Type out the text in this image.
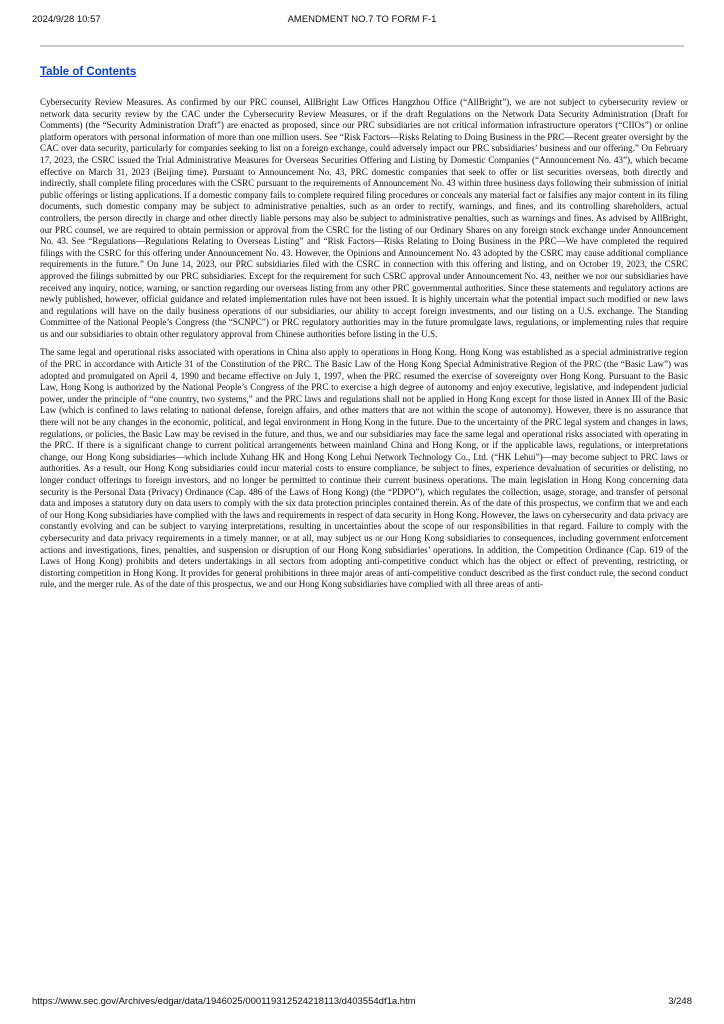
2024/9/28 10:57	AMENDMENT NO.7 TO FORM F-1
Table of Contents

Cybersecurity Review Measures. As confirmed by our PRC counsel, AllBright Law Offices Hangzhou Office (“AllBright”), we are not subject to cybersecurity review or network data security review by the CAC under the Cybersecurity Review Measures, or if the draft Regulations on the Network Data Security Administration (Draft for Comments) (the “Security Administration Draft”) are enacted as proposed, since our PRC subsidiaries are not critical information infrastructure operators (“CIIOs”) or online platform operators with personal information of more than one million users. See “Risk Factors—Risks Relating to Doing Business in the PRC—Recent greater oversight by the CAC over data security, particularly for companies seeking to list on a foreign exchange, could adversely impact our PRC subsidiaries’ business and our offering.” On February 17, 2023, the CSRC issued the Trial Administrative Measures for Overseas Securities Offering and Listing by Domestic Companies (“Announcement No. 43”), which became effective on March 31, 2023 (Beijing time). Pursuant to Announcement No. 43, PRC domestic companies that seek to offer or list securities overseas, both directly and indirectly, shall complete filing procedures with the CSRC pursuant to the requirements of Announcement No. 43 within three business days following their submission of initial public offerings or listing applications. If a domestic company fails to complete required filing procedures or conceals any material fact or falsifies any major content in its filing documents, such domestic company may be subject to administrative penalties, such as an order to rectify, warnings, and fines, and its controlling shareholders, actual controllers, the person directly in charge and other directly liable persons may also be subject to administrative penalties, such as warnings and fines. As advised by AllBright, our PRC counsel, we are required to obtain permission or approval from the CSRC for the listing of our Ordinary Shares on any foreign stock exchange under Announcement No. 43. See “Regulations—Regulations Relating to Overseas Listing” and “Risk Factors—Risks Relating to Doing Business in the PRC—We have completed the required filings with the CSRC for this offering under Announcement No. 43. However, the Opinions and Announcement No. 43 adopted by the CSRC may cause additional compliance requirements in the future.” On June 14, 2023, our PRC subsidiaries filed with the CSRC in connection with this offering and listing, and on October 19, 2023, the CSRC approved the filings submitted by our PRC subsidiaries. Except for the requirement for such CSRC approval under Announcement No. 43, neither we nor our subsidiaries have received any inquiry, notice, warning, or sanction regarding our overseas listing from any other PRC governmental authorities. Since these statements and regulatory actions are newly published, however, official guidance and related implementation rules have not been issued. It is highly uncertain what the potential impact such modified or new laws and regulations will have on the daily business operations of our subsidiaries, our ability to accept foreign investments, and our listing on a U.S. exchange. The Standing Committee of the National People’s Congress (the “SCNPC”) or PRC regulatory authorities may in the future promulgate laws, regulations, or implementing rules that require us and our subsidiaries to obtain other regulatory approval from Chinese authorities before listing in the U.S.

The same legal and operational risks associated with operations in China also apply to operations in Hong Kong. Hong Kong was established as a special administrative region of the PRC in accordance with Article 31 of the Constitution of the PRC. The Basic Law of the Hong Kong Special Administrative Region of the PRC (the “Basic Law”) was adopted and promulgated on April 4, 1990 and became effective on July 1, 1997, when the PRC resumed the exercise of sovereignty over Hong Kong. Pursuant to the Basic Law, Hong Kong is authorized by the National People’s Congress of the PRC to exercise a high degree of autonomy and enjoy executive, legislative, and independent judicial power, under the principle of “one country, two systems,” and the PRC laws and regulations shall not be applied in Hong Kong except for those listed in Annex III of the Basic Law (which is confined to laws relating to national defense, foreign affairs, and other matters that are not within the scope of autonomy). However, there is no assurance that there will not be any changes in the economic, political, and legal environment in Hong Kong in the future. Due to the uncertainty of the PRC legal system and changes in laws, regulations, or policies, the Basic Law may be revised in the future, and thus, we and our subsidiaries may face the same legal and operational risks associated with operating in the PRC. If there is a significant change to current political arrangements between mainland China and Hong Kong, or if the applicable laws, regulations, or interpretations change, our Hong Kong subsidiaries—which include Xuhang HK and Hong Kong Lehui Network Technology Co., Ltd. (“HK Lehui”)—may become subject to PRC laws or authorities. As a result, our Hong Kong subsidiaries could incur material costs to ensure compliance, be subject to fines, experience devaluation of securities or delisting, no longer conduct offerings to foreign investors, and no longer be permitted to continue their current business operations. The main legislation in Hong Kong concerning data security is the Personal Data (Privacy) Ordinance (Cap. 486 of the Laws of Hong Kong) (the “PDPO”), which regulates the collection, usage, storage, and transfer of personal data and imposes a statutory duty on data users to comply with the six data protection principles contained therein. As of the date of this prospectus, we confirm that we and each of our Hong Kong subsidiaries have complied with the laws and requirements in respect of data security in Hong Kong. However, the laws on cybersecurity and data privacy are constantly evolving and can be subject to varying interpretations, resulting in uncertainties about the scope of our responsibilities in that regard. Failure to comply with the cybersecurity and data privacy requirements in a timely manner, or at all, may subject us or our Hong Kong subsidiaries to consequences, including government enforcement actions and investigations, fines, penalties, and suspension or disruption of our Hong Kong subsidiaries’ operations. In addition, the Competition Ordinance (Cap. 619 of the Laws of Hong Kong) prohibits and deters undertakings in all sectors from adopting anti-competitive conduct which has the object or effect of preventing, restricting, or distorting competition in Hong Kong. It provides for general prohibitions in three major areas of anti-competitive conduct described as the first conduct rule, the second conduct rule, and the merger rule. As of the date of this prospectus, we and our Hong Kong subsidiaries have complied with all three areas of anti-

https://www.sec.gov/Archives/edgar/data/1946025/000119312524218113/d403554df1a.htm	3/248
